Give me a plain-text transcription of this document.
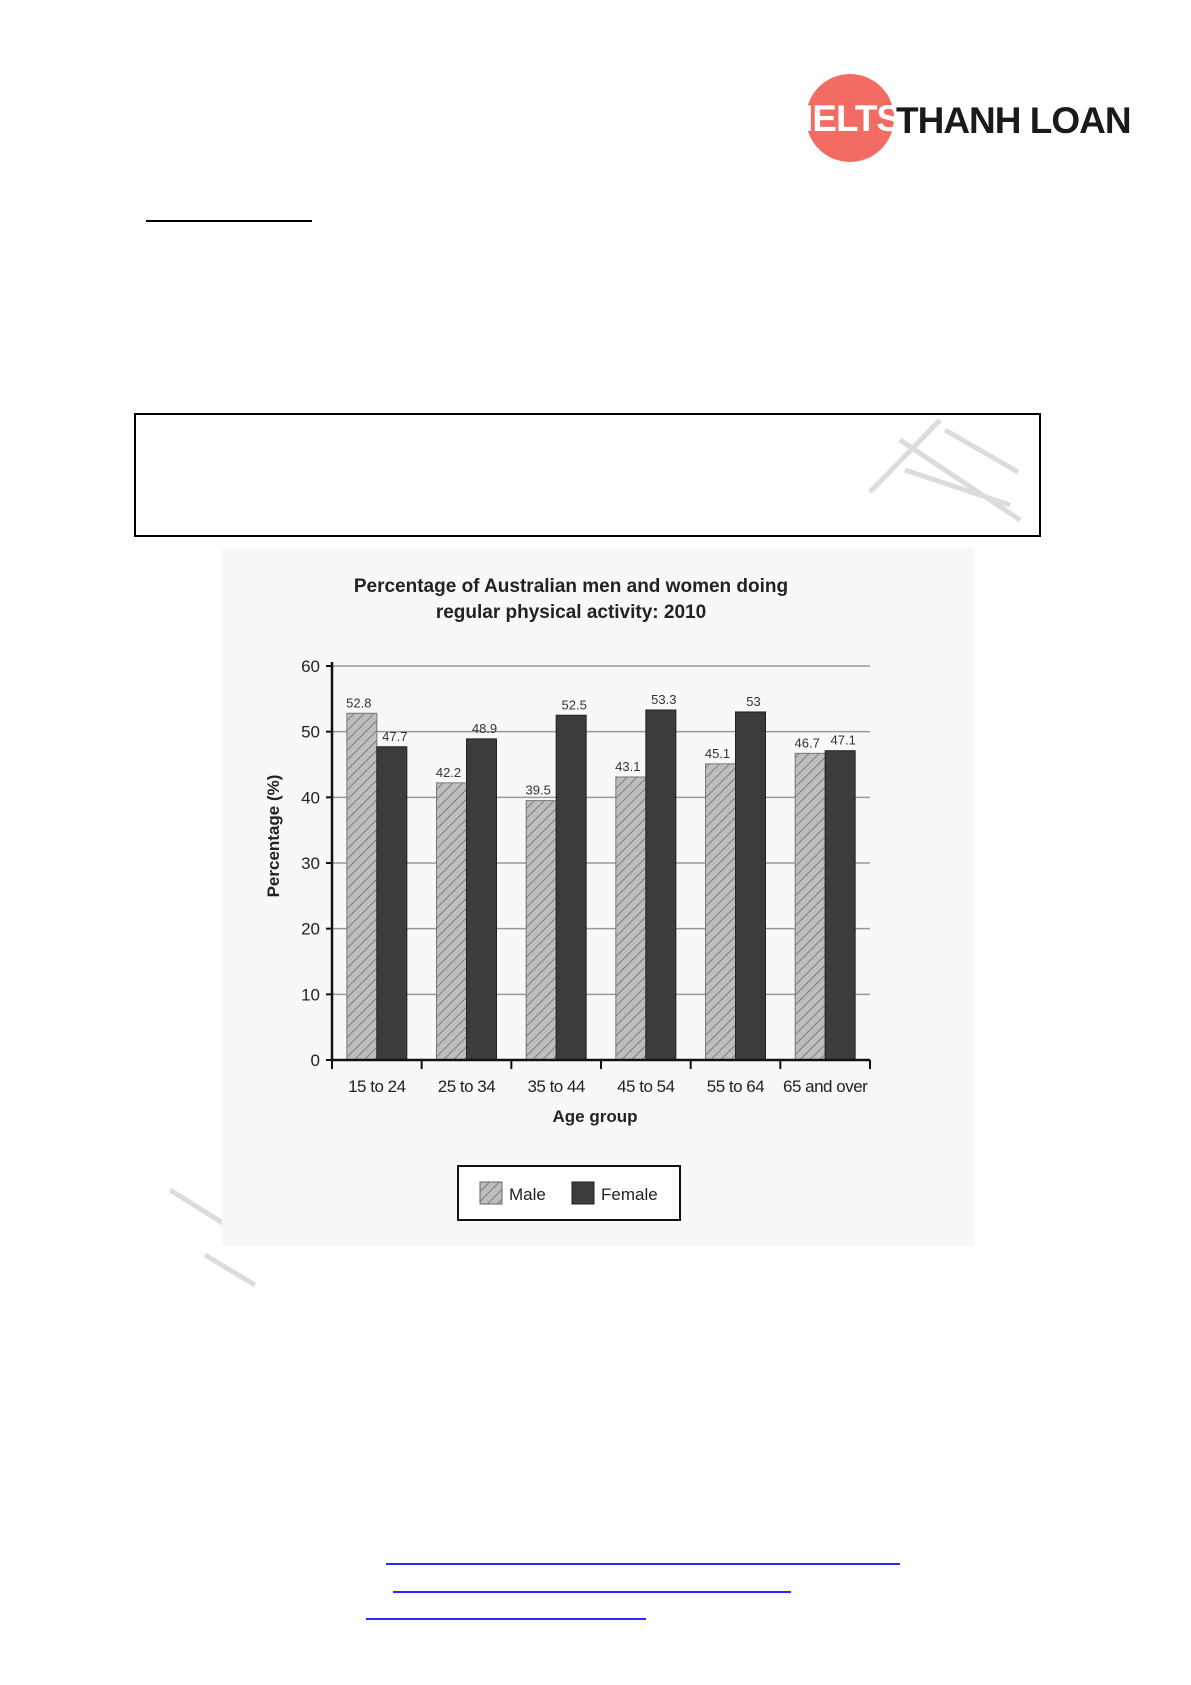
IELTS
THANH LOAN
Percentage of Australian men and women doing
regular physical activity: 2010
52.8
47.7
42.2
48.9
39.5
52.5
43.1
53.3
45.1
53
46.7 47.1
0
10
20
30
40
50
60
15 to 24 25 to 34 35 to 44 45 to 54 55 to 64 65 and over
Percentage (%)
Age group
Male	Female
